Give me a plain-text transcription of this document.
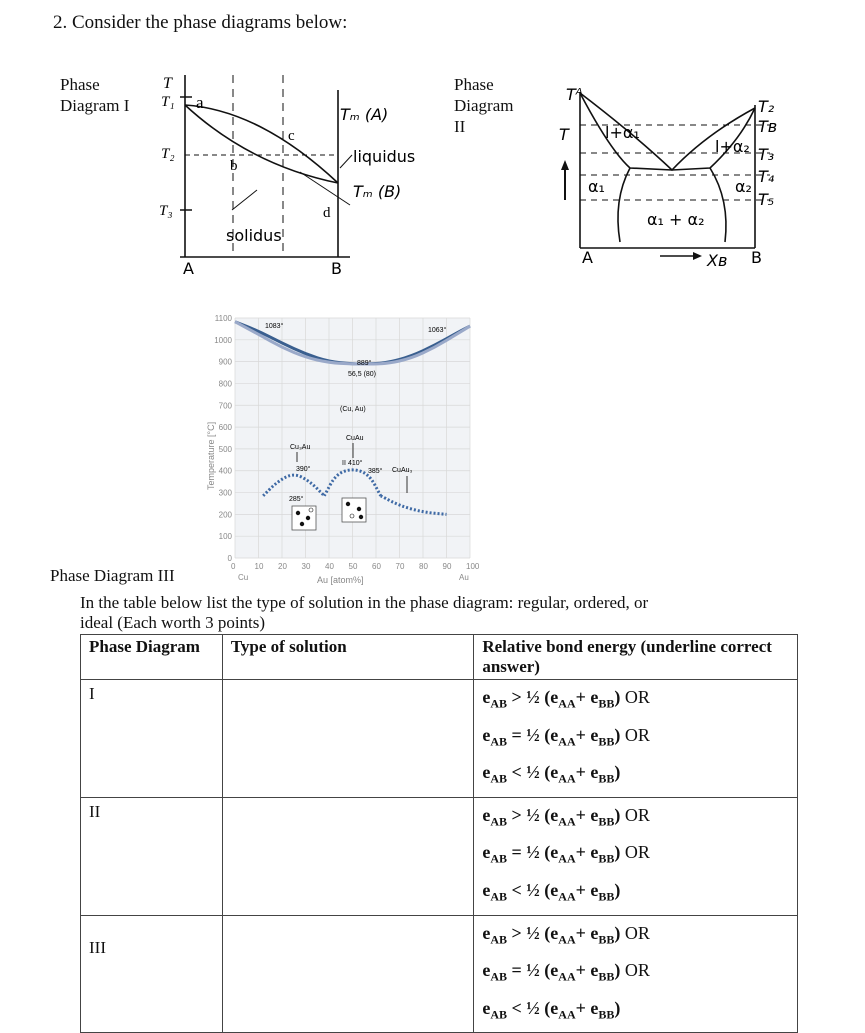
2. Consider the phase diagrams below:
Phase
Diagram I
T
T₁
T₂
T₃
a
b
c
d
Tₘ (A)
liquidus
Tₘ (B)
solidus
A	B
Phase
Diagram
II
Tᴬ
T
T₂
Tʙ
T₃
T₄
T₅
l+α₁
l+α₂
α₁	α₂
α₁ + α₂
A	Xʙ B
0 10 20 30 40 50 60 70 80 90 100
0
100
200
300
400
500
600
700
800
900
1000
1100
Temperature [°C]
Au [atom%]
Cu	Au
1083°
1063°
889°
56,5 (80)
(Cu, Au)
CuAu
Cu₃Au
CuAu₃
390°
410°
385°
285°
II
Phase Diagram III
In the table below list the type of solution in the phase diagram: regular, ordered, or
ideal (Each worth 3 points)
Phase Diagram	Type of solution	Relative bond energy (underline correct answer)
I		$e_{AB}$ > ½ $(e_{AA}+ e_{BB})$ OR
$e_{AB}$ = ½ $(e_{AA}+ e_{BB})$ OR
$e_{AB}$ < ½ $(e_{AA}+ e_{BB})$

II		$e_{AB}$ > ½ $(e_{AA}+ e_{BB})$ OR
$e_{AB}$ = ½ $(e_{AA}+ e_{BB})$ OR
$e_{AB}$ < ½ $(e_{AA}+ e_{BB})$

III		$e_{AB}$ > ½ $(e_{AA}+ e_{BB})$ OR
$e_{AB}$ = ½ $(e_{AA}+ e_{BB})$ OR
$e_{AB}$ < ½ $(e_{AA}+ e_{BB})$
